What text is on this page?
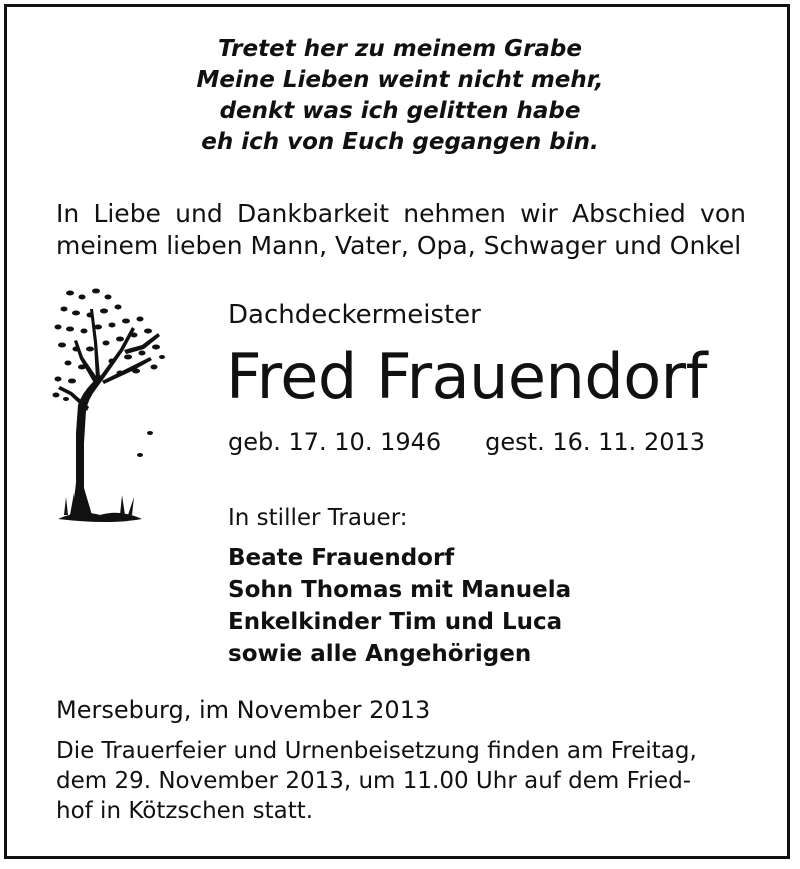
Tretet her zu meinem Grabe
Meine Lieben weint nicht mehr,
denkt was ich gelitten habe
eh ich von Euch gegangen bin.
In Liebe und Dankbarkeit nehmen wir Abschied von
meinem lieben Mann, Vater, Opa, Schwager und Onkel
Dachdeckermeister
Fred Frauendorf
geb. 17. 10. 1946 gest. 16. 11. 2013
In stiller Trauer:
Beate Frauendorf
Sohn Thomas mit Manuela
Enkelkinder Tim und Luca
sowie alle Angehörigen
Merseburg, im November 2013
Die Trauerfeier und Urnenbeisetzung finden am Freitag,
dem 29. November 2013, um 11.00 Uhr auf dem Fried-
hof in Kötzschen statt.
